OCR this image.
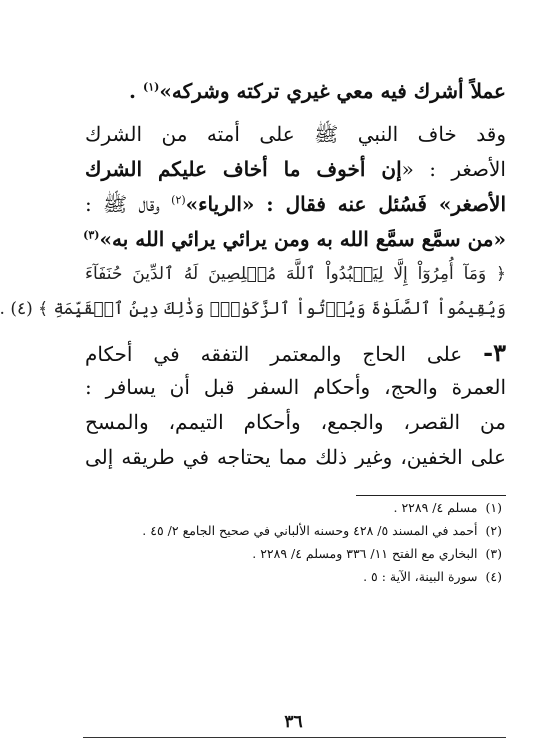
عملاً أشرك فيه معي غيري تركته وشركه»$^{(١)}$ .
وقد خاف النبي ﷺ على أمته من الشرك
الأصغر : «إن أخوف ما أخاف عليكم الشرك
الأصغر» فَسُئل عنه فقال : «الرياء»$^{(٢)}$ وقال ﷺ :
«من سمَّع سمَّع الله به ومن يرائي يرائي الله به»$^{(٣)}$
﴿ وَمَآ أُمِرُوٓاْ إِلَّا لِيَعۡبُدُواْ ٱللَّهَ مُخۡلِصِينَ لَهُ ٱلدِّينَ حُنَفَآءَ
وَيُقِيمُواْ ٱلصَّلَوٰةَ وَيُؤۡتُواْ ٱلزَّكَوٰةَۚ وَذَٰلِكَ دِينُ ٱلۡقَيِّمَةِ ﴾ (٤) .
٣- على الحاج والمعتمر التفقه في أحكام
العمرة والحج، وأحكام السفر قبل أن يسافر :
من القصر، والجمع، وأحكام التيمم، والمسح
على الخفين، وغير ذلك مما يحتاجه في طريقه إلى
(١)مسلم ٤/ ٢٢٨٩ .
(٢)أحمد في المسند ٥/ ٤٢٨ وحسنه الألباني في صحيح الجامع ٢/ ٤٥ .
(٣)البخاري مع الفتح ١١/ ٣٣٦ ومسلم ٤/ ٢٢٨٩ .
(٤)سورة البينة، الآية : ٥ .
٣٦
